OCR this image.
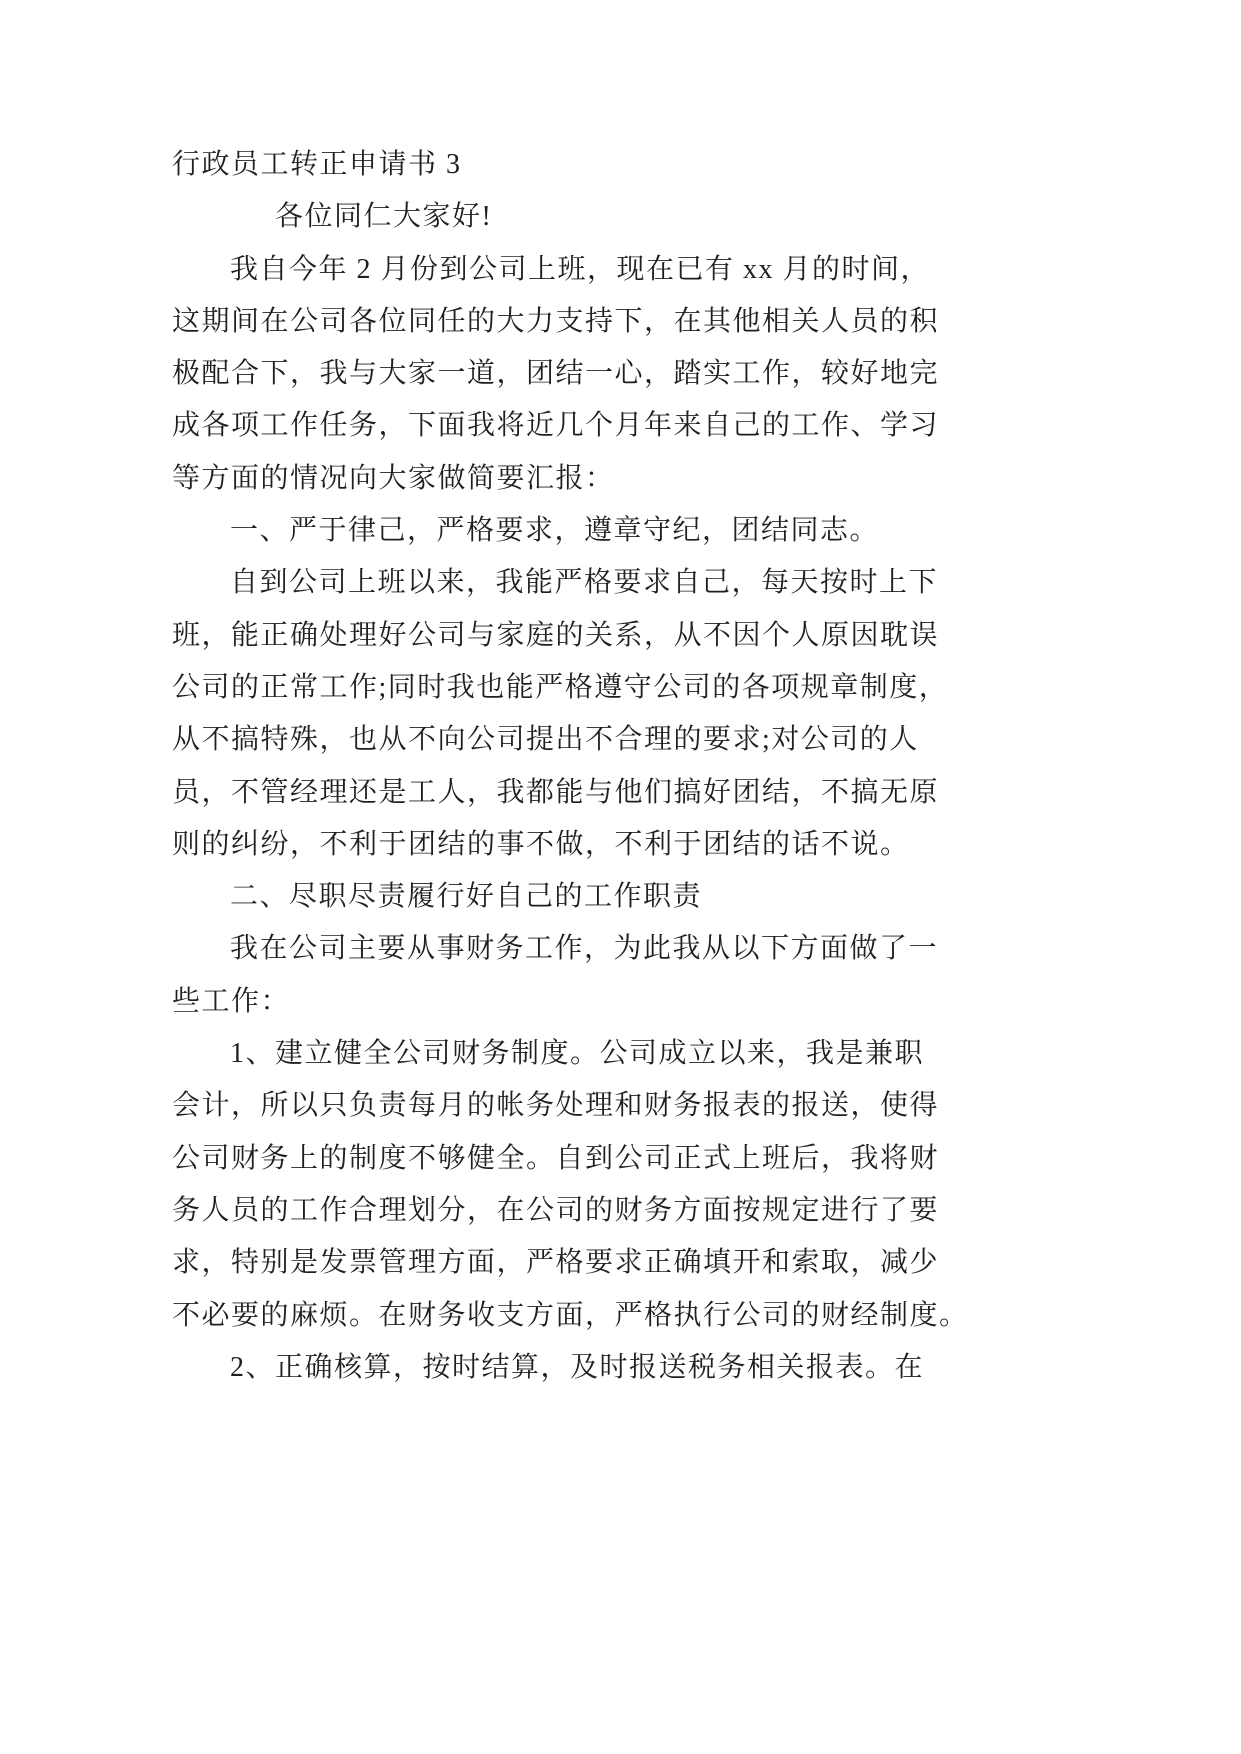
行政员工转正申请书 3
各位同仁大家好!
我自今年 2 月份到公司上班，现在已有 xx 月的时间，
这期间在公司各位同任的大力支持下，在其他相关人员的积
极配合下，我与大家一道，团结一心，踏实工作，较好地完
成各项工作任务，下面我将近几个月年来自己的工作、学习
等方面的情况向大家做简要汇报：
一、严于律己，严格要求，遵章守纪，团结同志。
自到公司上班以来，我能严格要求自己，每天按时上下
班，能正确处理好公司与家庭的关系，从不因个人原因耽误
公司的正常工作;同时我也能严格遵守公司的各项规章制度，
从不搞特殊，也从不向公司提出不合理的要求;对公司的人
员，不管经理还是工人，我都能与他们搞好团结，不搞无原
则的纠纷，不利于团结的事不做，不利于团结的话不说。
二、尽职尽责履行好自己的工作职责
我在公司主要从事财务工作，为此我从以下方面做了一
些工作：
1、建立健全公司财务制度。公司成立以来，我是兼职
会计，所以只负责每月的帐务处理和财务报表的报送，使得
公司财务上的制度不够健全。自到公司正式上班后，我将财
务人员的工作合理划分，在公司的财务方面按规定进行了要
求，特别是发票管理方面，严格要求正确填开和索取，减少
不必要的麻烦。在财务收支方面，严格执行公司的财经制度。
2、正确核算，按时结算，及时报送税务相关报表。在
